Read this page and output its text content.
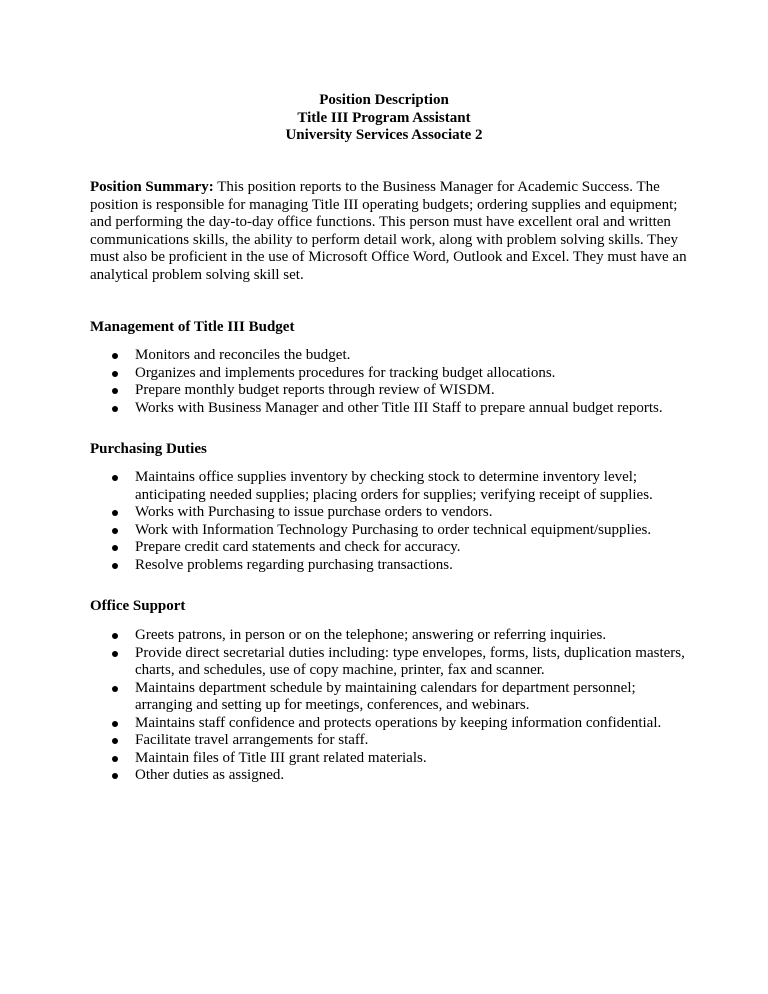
Position Description
Title III Program Assistant
University Services Associate 2
Position Summary: This position reports to the Business Manager for Academic Success. The position is responsible for managing Title III operating budgets; ordering supplies and equipment; and performing the day-to-day office functions. This person must have excellent oral and written communications skills, the ability to perform detail work, along with problem solving skills. They must also be proficient in the use of Microsoft Office Word, Outlook and Excel. They must have an analytical problem solving skill set.
Management of Title III Budget
Monitors and reconciles the budget.
Organizes and implements procedures for tracking budget allocations.
Prepare monthly budget reports through review of WISDM.
Works with Business Manager and other Title III Staff to prepare annual budget reports.
Purchasing Duties
Maintains office supplies inventory by checking stock to determine inventory level; anticipating needed supplies; placing orders for supplies; verifying receipt of supplies.
Works with Purchasing to issue purchase orders to vendors.
Work with Information Technology Purchasing to order technical equipment/supplies.
Prepare credit card statements and check for accuracy.
Resolve problems regarding purchasing transactions.
Office Support
Greets patrons, in person or on the telephone; answering or referring inquiries.
Provide direct secretarial duties including: type envelopes, forms, lists, duplication masters, charts, and schedules, use of copy machine, printer, fax and scanner.
Maintains department schedule by maintaining calendars for department personnel; arranging and setting up for meetings, conferences, and webinars.
Maintains staff confidence and protects operations by keeping information confidential.
Facilitate travel arrangements for staff.
Maintain files of Title III grant related materials.
Other duties as assigned.
